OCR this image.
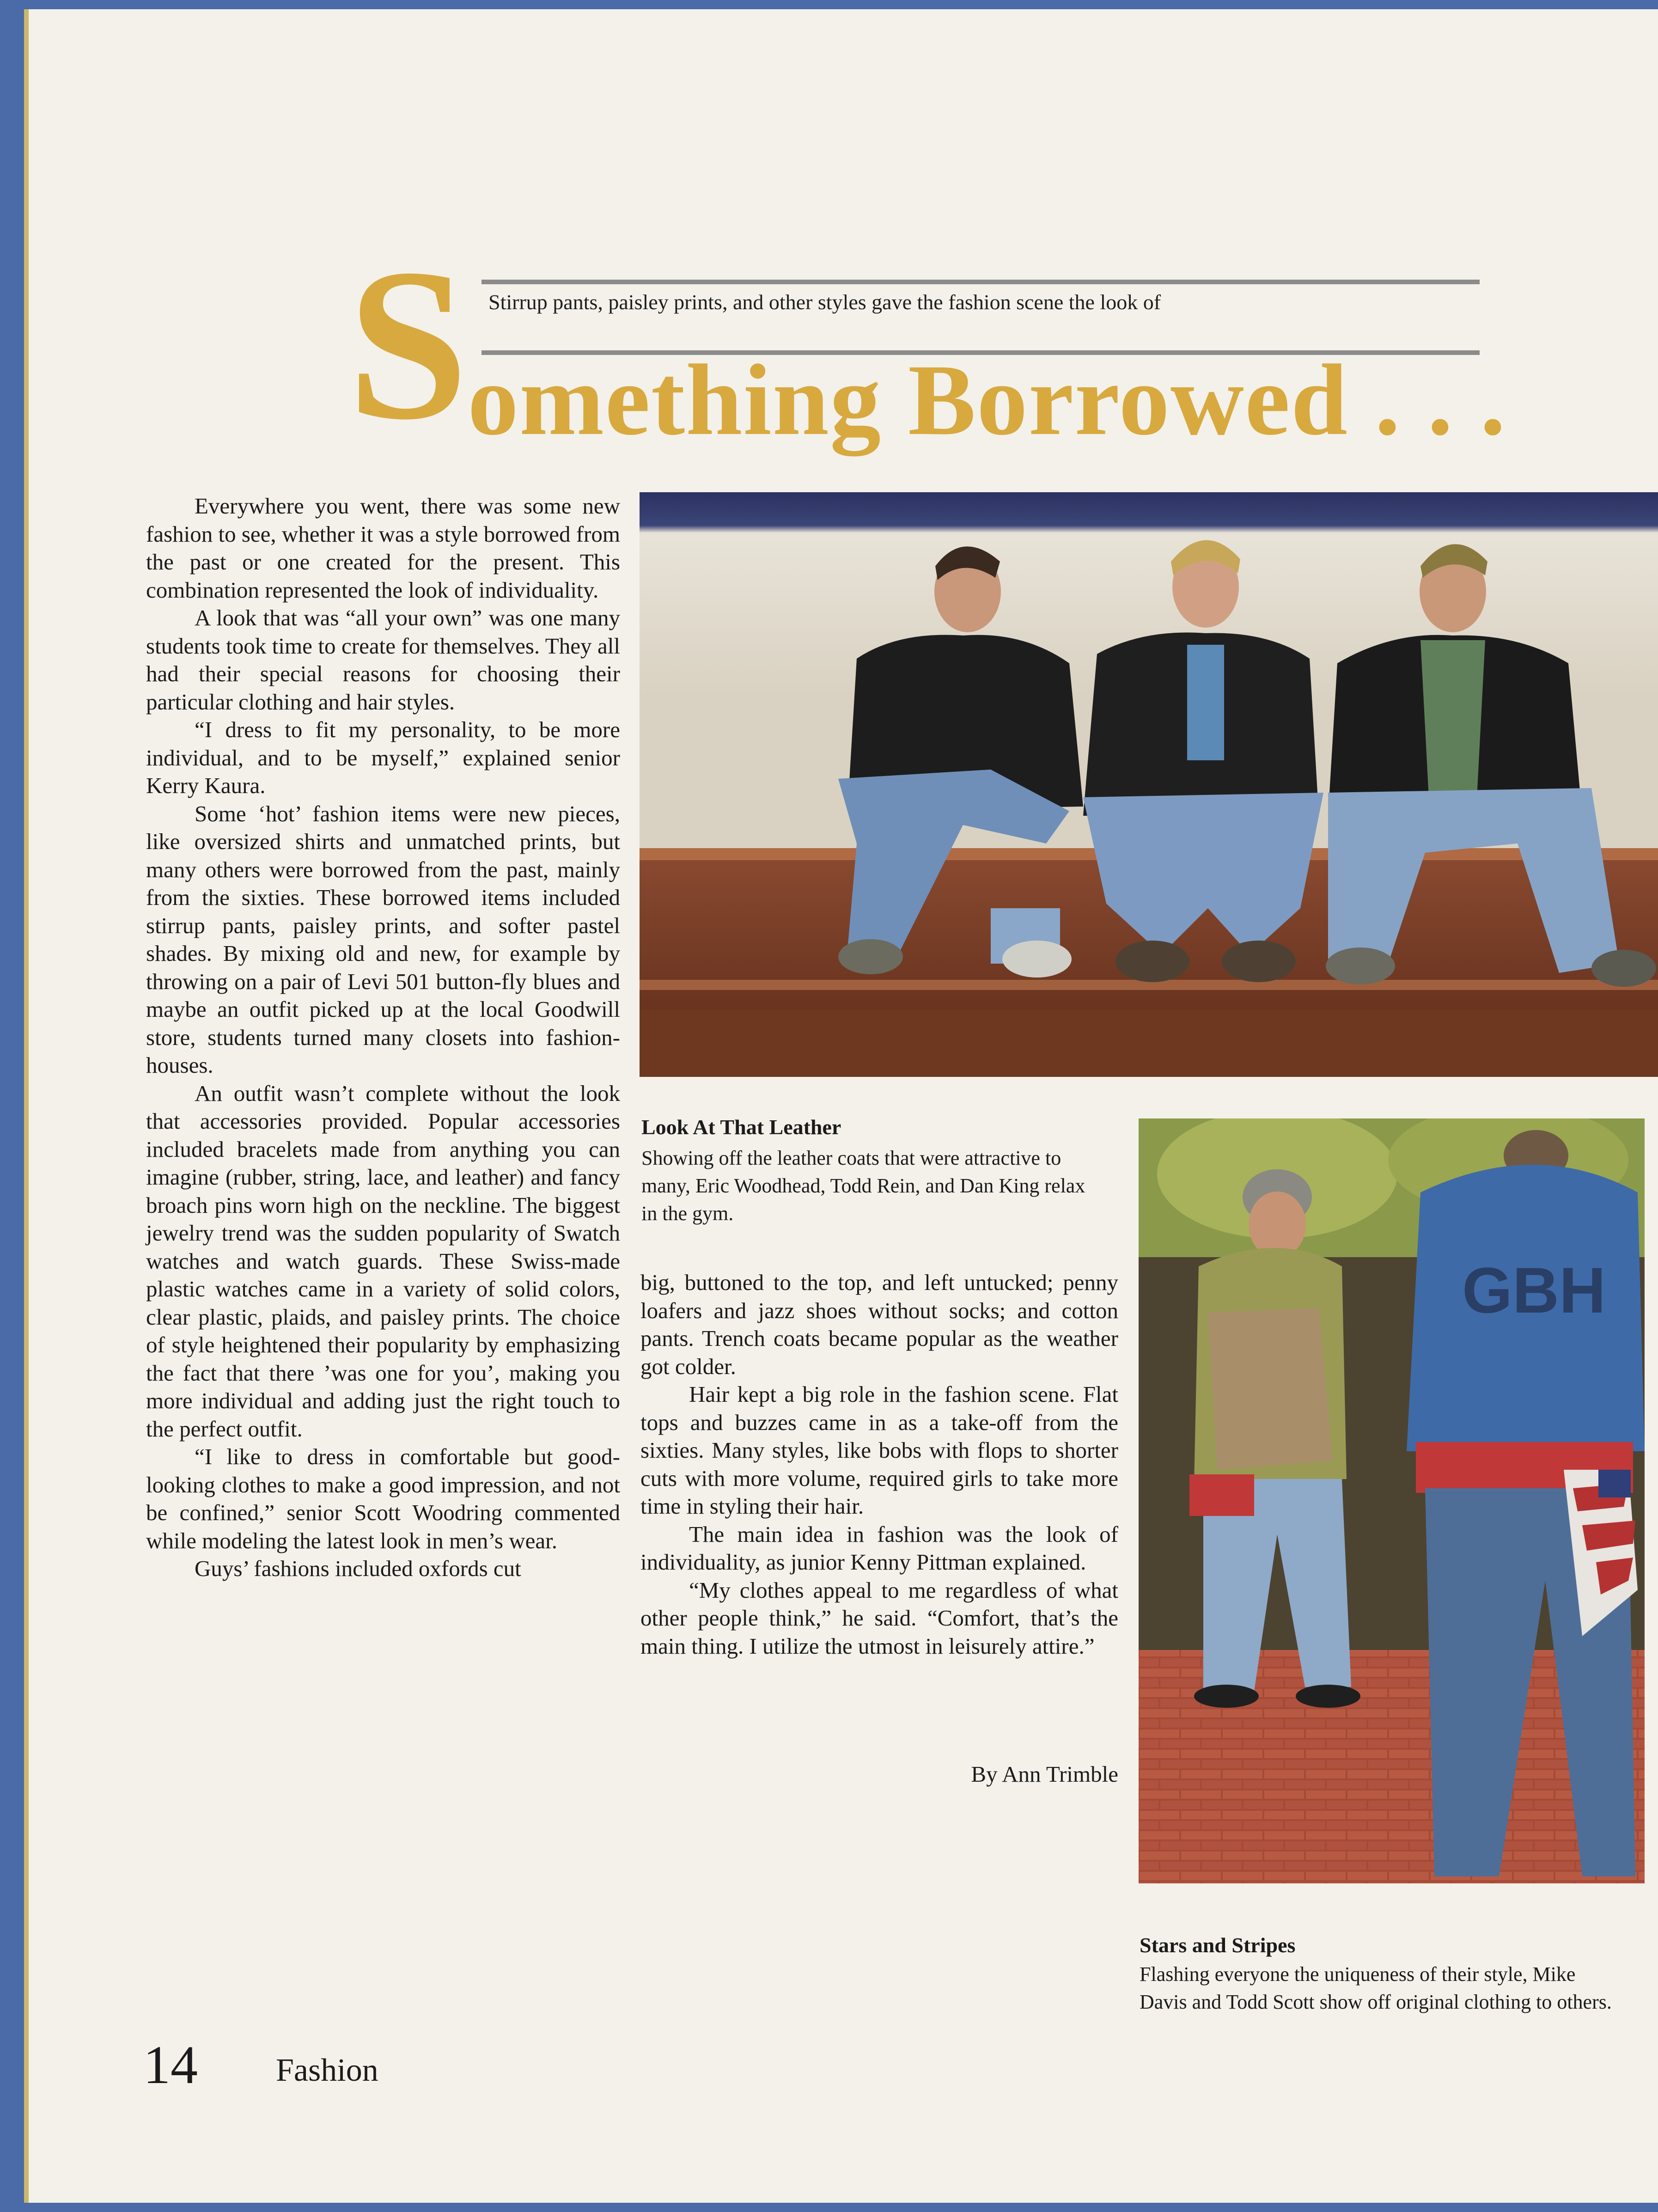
S Stirrup pants, paisley prints, and other styles gave the fashion scene the look of
omething Borrowed . . .

Everywhere you went, there was some new fashion to see, whether it was a style borrowed from the past or one created for the present. This combination represented the look of individuality.

A look that was “all your own” was one many students took time to create for themselves. They all had their special reasons for choosing their particular clothing and hair styles.

“I dress to fit my personality, to be more individual, and to be myself,” explained senior Kerry Kaura.

Some ‘hot’ fashion items were new pieces, like oversized shirts and unmatched prints, but many others were borrowed from the past, mainly from the sixties. These borrowed items included stirrup pants, paisley prints, and softer pastel shades. By mixing old and new, for example by throwing on a pair of Levi 501 button-fly blues and maybe an outfit picked up at the local Goodwill store, students turned many closets into fashion-houses.

An outfit wasn’t complete without the look that accessories provided. Popular accessories included bracelets made from anything you can imagine (rubber, string, lace, and leather) and fancy broach pins worn high on the neckline. The biggest jewelry trend was the sudden popularity of Swatch watches and watch guards. These Swiss-made plastic watches came in a variety of solid colors, clear plastic, plaids, and paisley prints. The choice of style heightened their popularity by emphasizing the fact that there ’was one for you’, making you more individual and adding just the right touch to the perfect outfit.

“I like to dress in comfortable but good-looking clothes to make a good impression, and not be confined,” senior Scott Woodring commented while modeling the latest look in men’s wear.

Guys’ fashions included oxfords cut

Look At That Leather
Showing off the leather coats that were attractive to many, Eric Woodhead, Todd Rein, and Dan King relax in the gym.
GBH

big, buttoned to the top, and left untucked; penny loafers and jazz shoes without socks; and cotton pants. Trench coats became popular as the weather got colder.

Hair kept a big role in the fashion scene. Flat tops and buzzes came in as a take-off from the sixties. Many styles, like bobs with flops to shorter cuts with more volume, required girls to take more time in styling their hair.

The main idea in fashion was the look of individuality, as junior Kenny Pittman explained.

“My clothes appeal to me regardless of what other people think,” he said. “Comfort, that’s the main thing. I utilize the utmost in leisurely attire.”

By Ann Trimble
Stars and Stripes
Flashing everyone the uniqueness of their style, Mike Davis and Todd Scott show off original clothing to others.
14 Fashion
